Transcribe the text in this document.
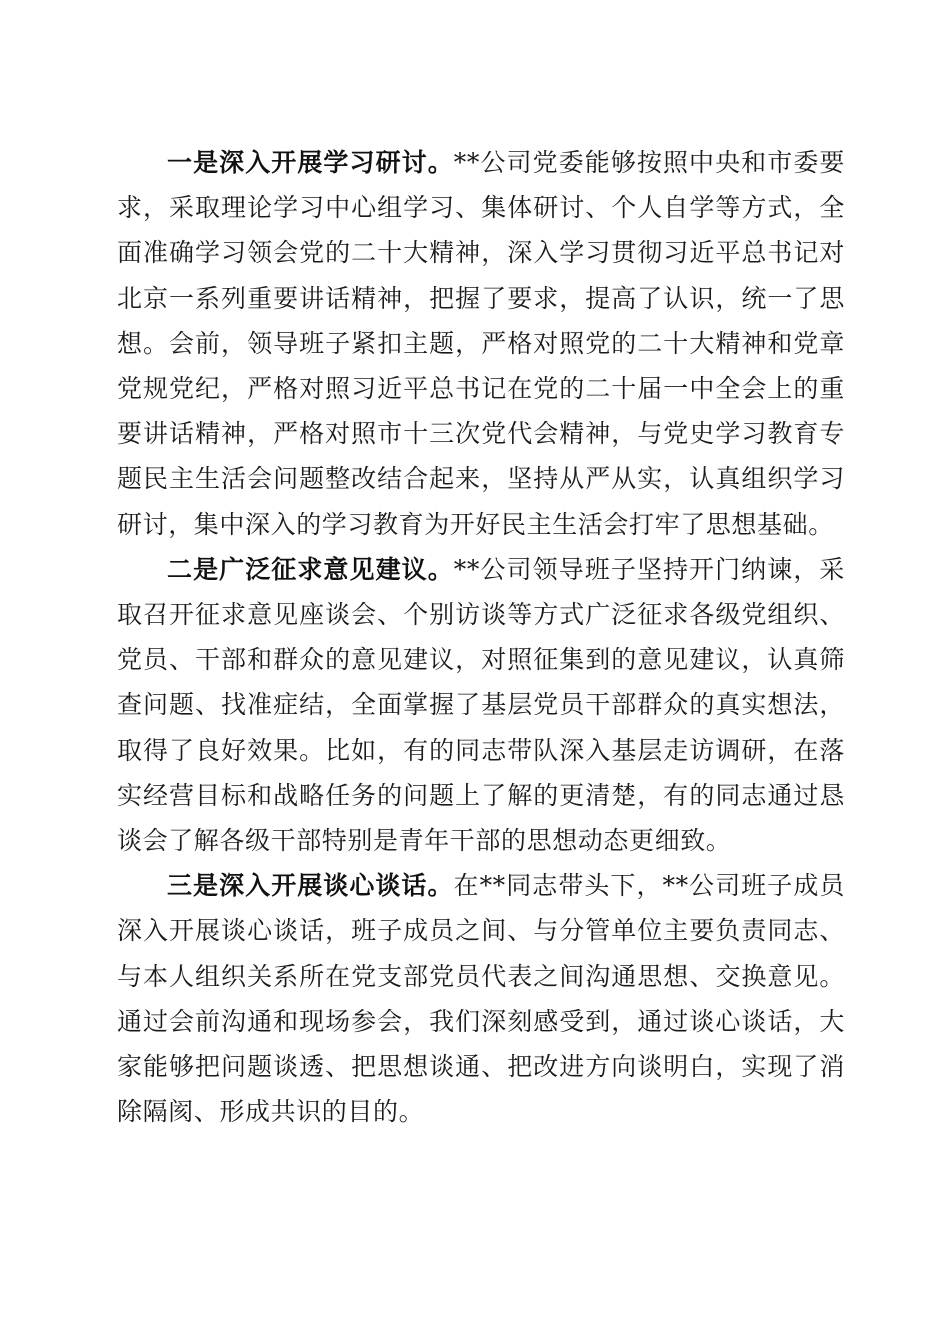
一是深入开展学习研讨。**公司党委能够按照中央和市委要求，采取理论学习中心组学习、集体研讨、个人自学等方式，全面准确学习领会党的二十大精神，深入学习贯彻习近平总书记对北京一系列重要讲话精神，把握了要求，提高了认识，统一了思想。会前，领导班子紧扣主题，严格对照党的二十大精神和党章党规党纪，严格对照习近平总书记在党的二十届一中全会上的重要讲话精神，严格对照市十三次党代会精神，与党史学习教育专题民主生活会问题整改结合起来，坚持从严从实，认真组织学习研讨，集中深入的学习教育为开好民主生活会打牢了思想基础。

二是广泛征求意见建议。**公司领导班子坚持开门纳谏，采取召开征求意见座谈会、个别访谈等方式广泛征求各级党组织、党员、干部和群众的意见建议，对照征集到的意见建议，认真筛查问题、找准症结，全面掌握了基层党员干部群众的真实想法，取得了良好效果。比如，有的同志带队深入基层走访调研，在落实经营目标和战略任务的问题上了解的更清楚，有的同志通过恳谈会了解各级干部特别是青年干部的思想动态更细致。

三是深入开展谈心谈话。在**同志带头下，**公司班子成员深入开展谈心谈话，班子成员之间、与分管单位主要负责同志、与本人组织关系所在党支部党员代表之间沟通思想、交换意见。通过会前沟通和现场参会，我们深刻感受到，通过谈心谈话，大家能够把问题谈透、把思想谈通、把改进方向谈明白，实现了消除隔阂、形成共识的目的。
